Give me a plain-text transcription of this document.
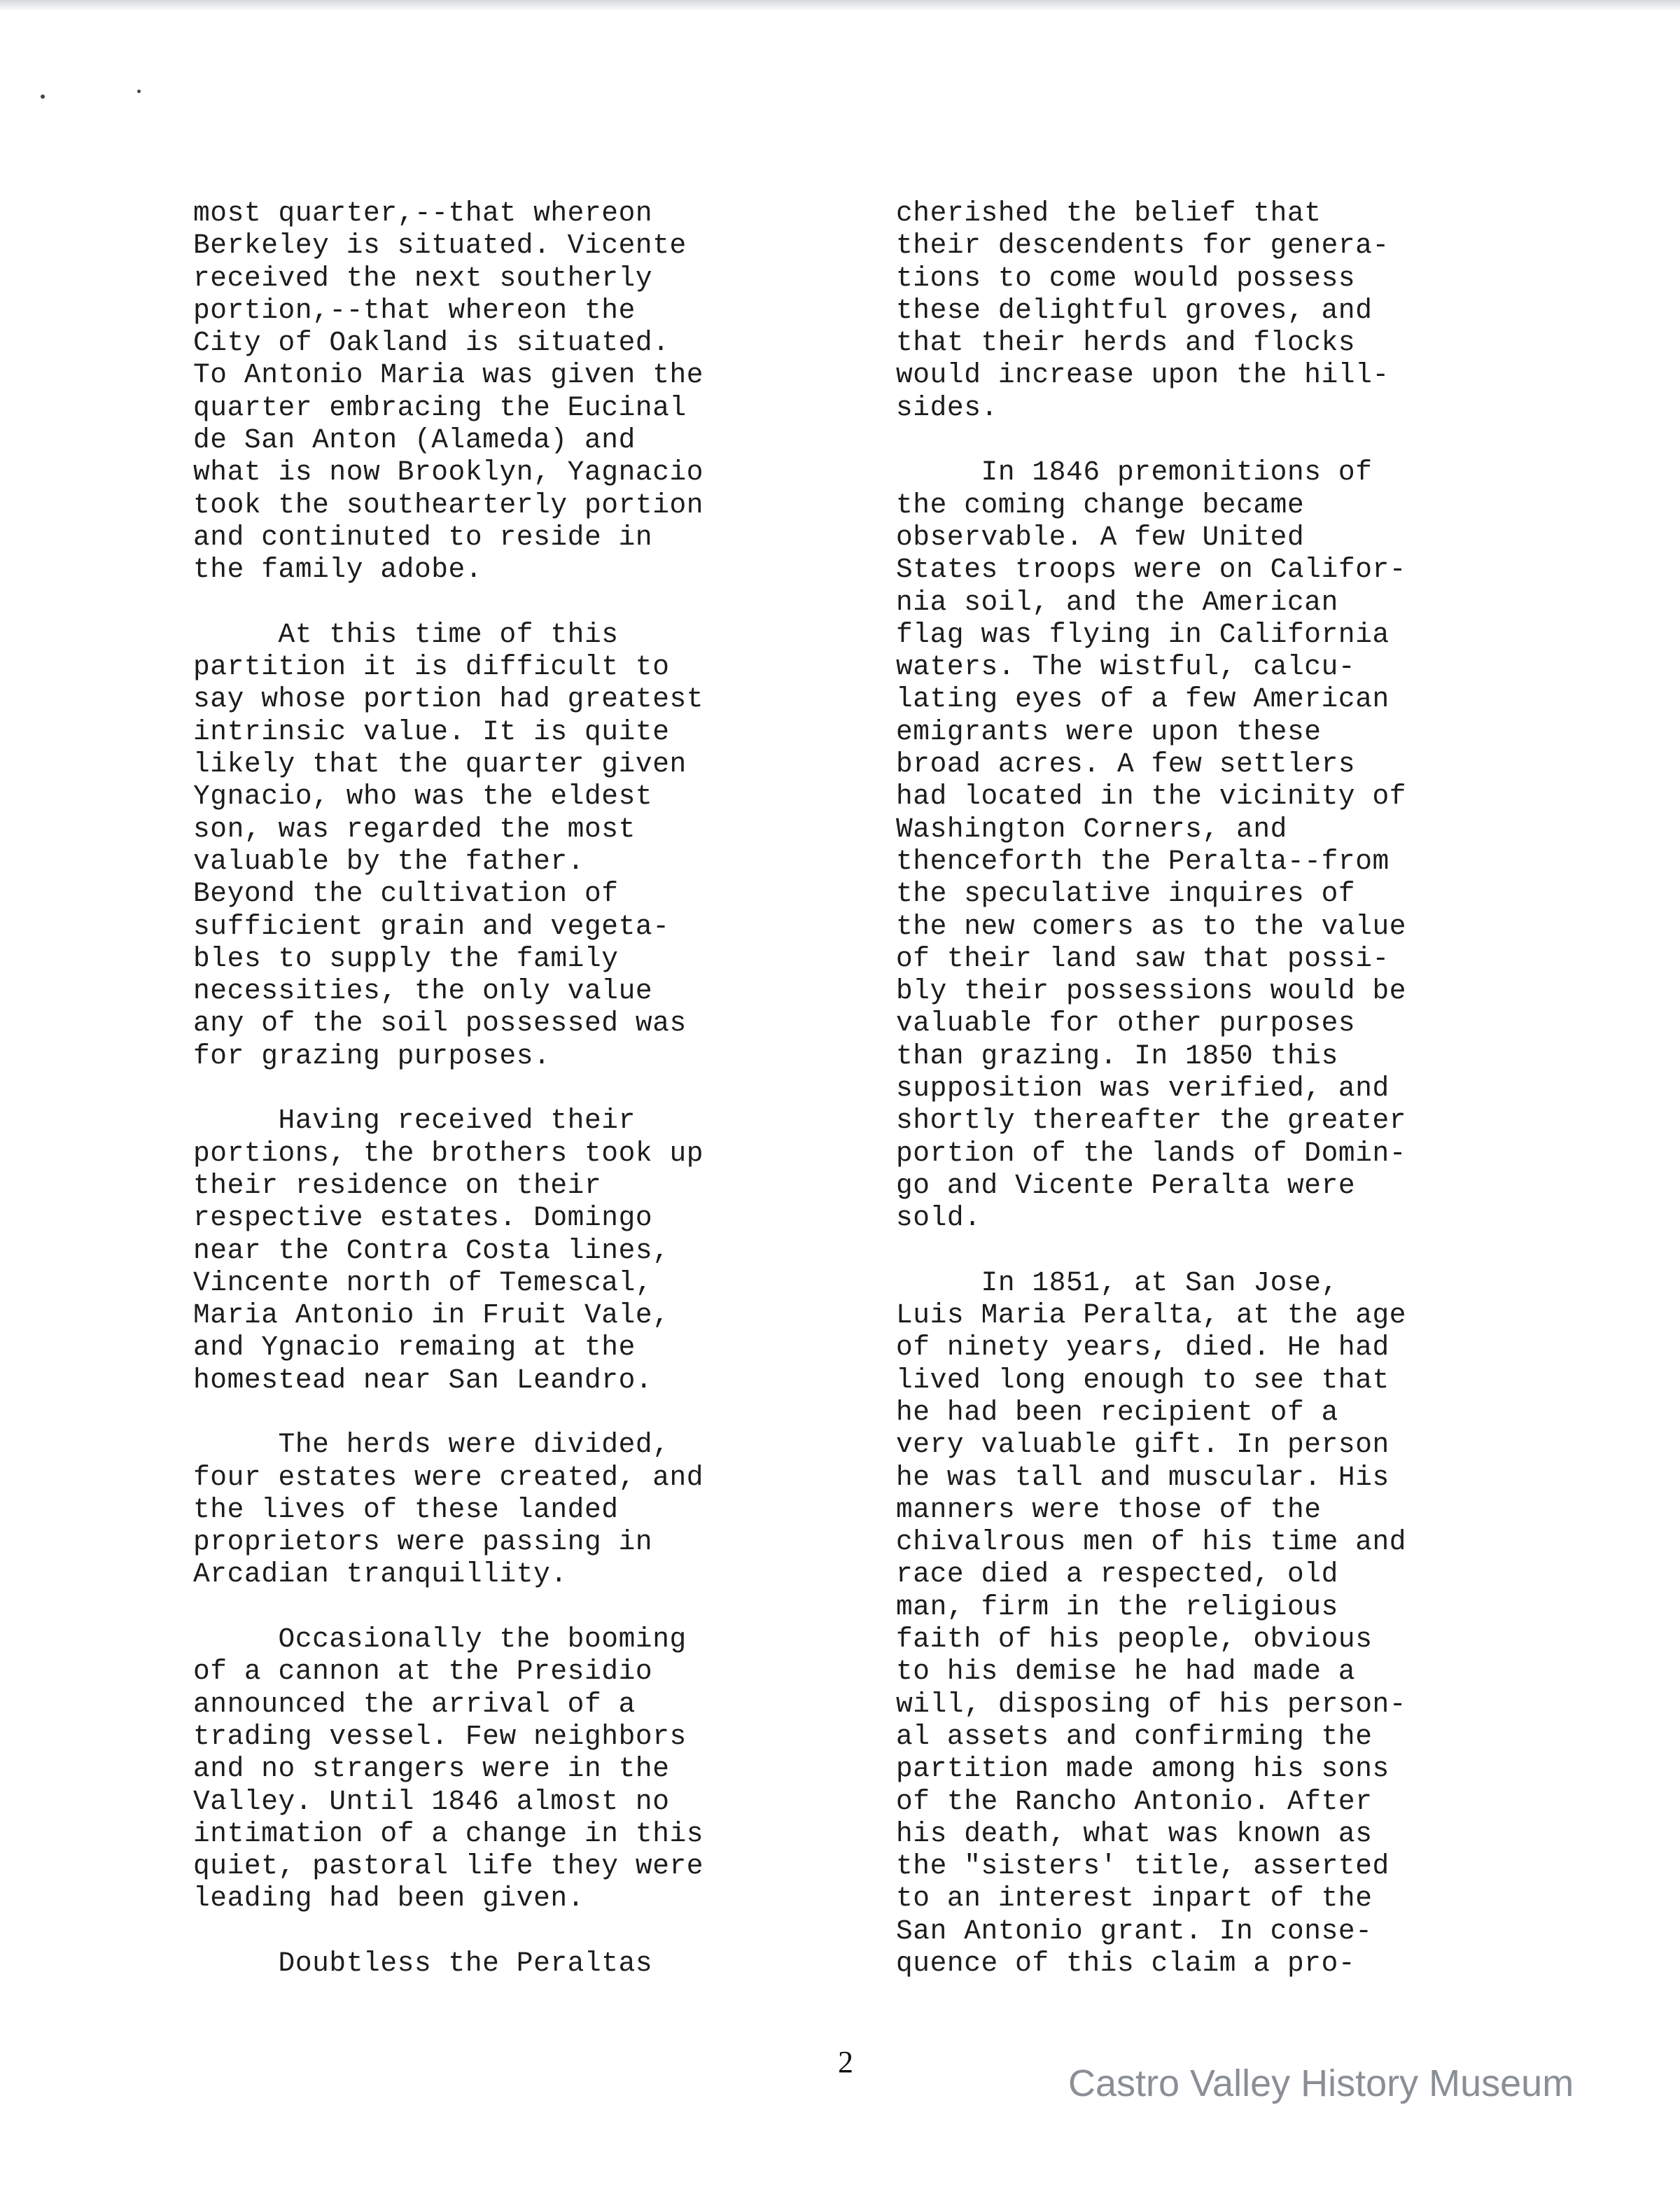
most quarter,--that whereon
Berkeley is situated. Vicente
received the next southerly
portion,--that whereon the
City of Oakland is situated.
To Antonio Maria was given the
quarter embracing the Eucinal
de San Anton (Alameda) and
what is now Brooklyn, Yagnacio
took the southearterly portion
and continuted to reside in
the family adobe.
At this time of this
partition it is difficult to
say whose portion had greatest
intrinsic value. It is quite
likely that the quarter given
Ygnacio, who was the eldest
son, was regarded the most
valuable by the father.
Beyond the cultivation of
sufficient grain and vegeta-
bles to supply the family
necessities, the only value
any of the soil possessed was
for grazing purposes.
Having received their
portions, the brothers took up
their residence on their
respective estates. Domingo
near the Contra Costa lines,
Vincente north of Temescal,
Maria Antonio in Fruit Vale,
and Ygnacio remaing at the
homestead near San Leandro.
The herds were divided,
four estates were created, and
the lives of these landed
proprietors were passing in
Arcadian tranquillity.
Occasionally the booming
of a cannon at the Presidio
announced the arrival of a
trading vessel. Few neighbors
and no strangers were in the
Valley. Until 1846 almost no
intimation of a change in this
quiet, pastoral life they were
leading had been given.
Doubtless the Peraltas
cherished the belief that
their descendents for genera-
tions to come would possess
these delightful groves, and
that their herds and flocks
would increase upon the hill-
sides.
In 1846 premonitions of
the coming change became
observable. A few United
States troops were on Califor-
nia soil, and the American
flag was flying in California
waters. The wistful, calcu-
lating eyes of a few American
emigrants were upon these
broad acres. A few settlers
had located in the vicinity of
Washington Corners, and
thenceforth the Peralta--from
the speculative inquires of
the new comers as to the value
of their land saw that possi-
bly their possessions would be
valuable for other purposes
than grazing. In 1850 this
supposition was verified, and
shortly thereafter the greater
portion of the lands of Domin-
go and Vicente Peralta were
sold.
In 1851, at San Jose,
Luis Maria Peralta, at the age
of ninety years, died. He had
lived long enough to see that
he had been recipient of a
very valuable gift. In person
he was tall and muscular. His
manners were those of the
chivalrous men of his time and
race died a respected, old
man, firm in the religious
faith of his people, obvious
to his demise he had made a
will, disposing of his person-
al assets and confirming the
partition made among his sons
of the Rancho Antonio. After
his death, what was known as
the "sisters' title, asserted
to an interest inpart of the
San Antonio grant. In conse-
quence of this claim a pro-
2
Castro Valley History Museum
